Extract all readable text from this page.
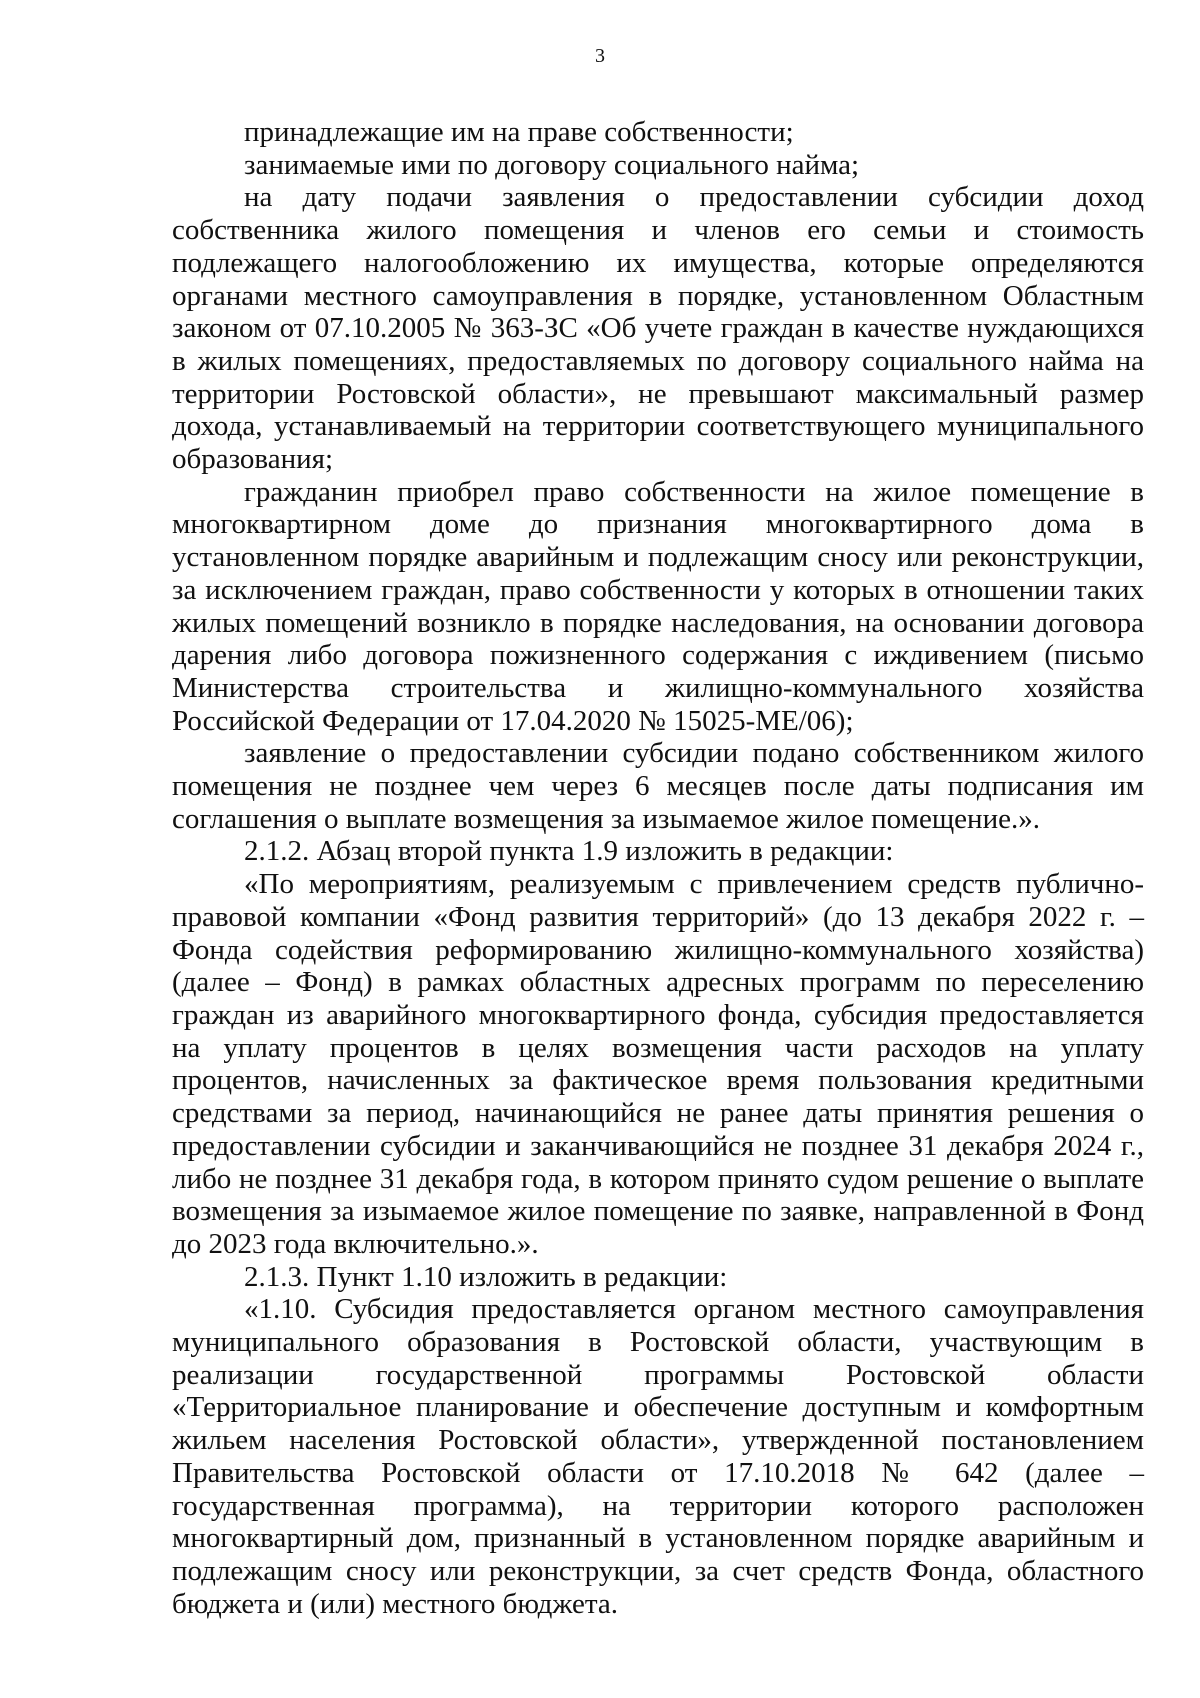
3

принадлежащие им на праве собственности;

занимаемые ими по договору социального найма;

на дату подачи заявления о предоставлении субсидии доход собственника жилого помещения и членов его семьи и стоимость подлежащего налогообложению их имущества, которые определяются органами местного самоуправления в порядке, установленном Областным законом от 07.10.2005 № 363-ЗС «Об учете граждан в качестве нуждающихся в жилых помещениях, предоставляемых по договору социального найма на территории Ростовской области», не превышают максимальный размер дохода, устанавливаемый на территории соответствующего муниципального образования;

гражданин приобрел право собственности на жилое помещение в многоквартирном доме до признания многоквартирного дома в установленном порядке аварийным и подлежащим сносу или реконструкции, за исключением граждан, право собственности у которых в отношении таких жилых помещений возникло в порядке наследования, на основании договора дарения либо договора пожизненного содержания с иждивением (письмо Министерства строительства и жилищно-коммунального хозяйства Российской Федерации от 17.04.2020 № 15025-МЕ/06);

заявление о предоставлении субсидии подано собственником жилого помещения не позднее чем через 6 месяцев после даты подписания им соглашения о выплате возмещения за изымаемое жилое помещение.».

2.1.2. Абзац второй пункта 1.9 изложить в редакции:

«По мероприятиям, реализуемым с привлечением средств публично-правовой компании «Фонд развития территорий» (до 13 декабря 2022 г. – Фонда содействия реформированию жилищно-коммунального хозяйства) (далее – Фонд) в рамках областных адресных программ по переселению граждан из аварийного многоквартирного фонда, субсидия предоставляется на уплату процентов в целях возмещения части расходов на уплату процентов, начисленных за фактическое время пользования кредитными средствами за период, начинающийся не ранее даты принятия решения о предоставлении субсидии и заканчивающийся не позднее 31 декабря 2024 г., либо не позднее 31 декабря года, в котором принято судом решение о выплате возмещения за изымаемое жилое помещение по заявке, направленной в Фонд до 2023 года включительно.».

2.1.3. Пункт 1.10 изложить в редакции:

«1.10. Субсидия предоставляется органом местного самоуправления муниципального образования в Ростовской области, участвующим в реализации государственной программы Ростовской области «Территориальное планирование и обеспечение доступным и комфортным жильем населения Ростовской области», утвержденной постановлением Правительства Ростовской области от 17.10.2018 № 642 (далее – государственная программа), на территории которого расположен многоквартирный дом, признанный в установленном порядке аварийным и подлежащим сносу или реконструкции, за счет средств Фонда, областного бюджета и (или) местного бюджета.
